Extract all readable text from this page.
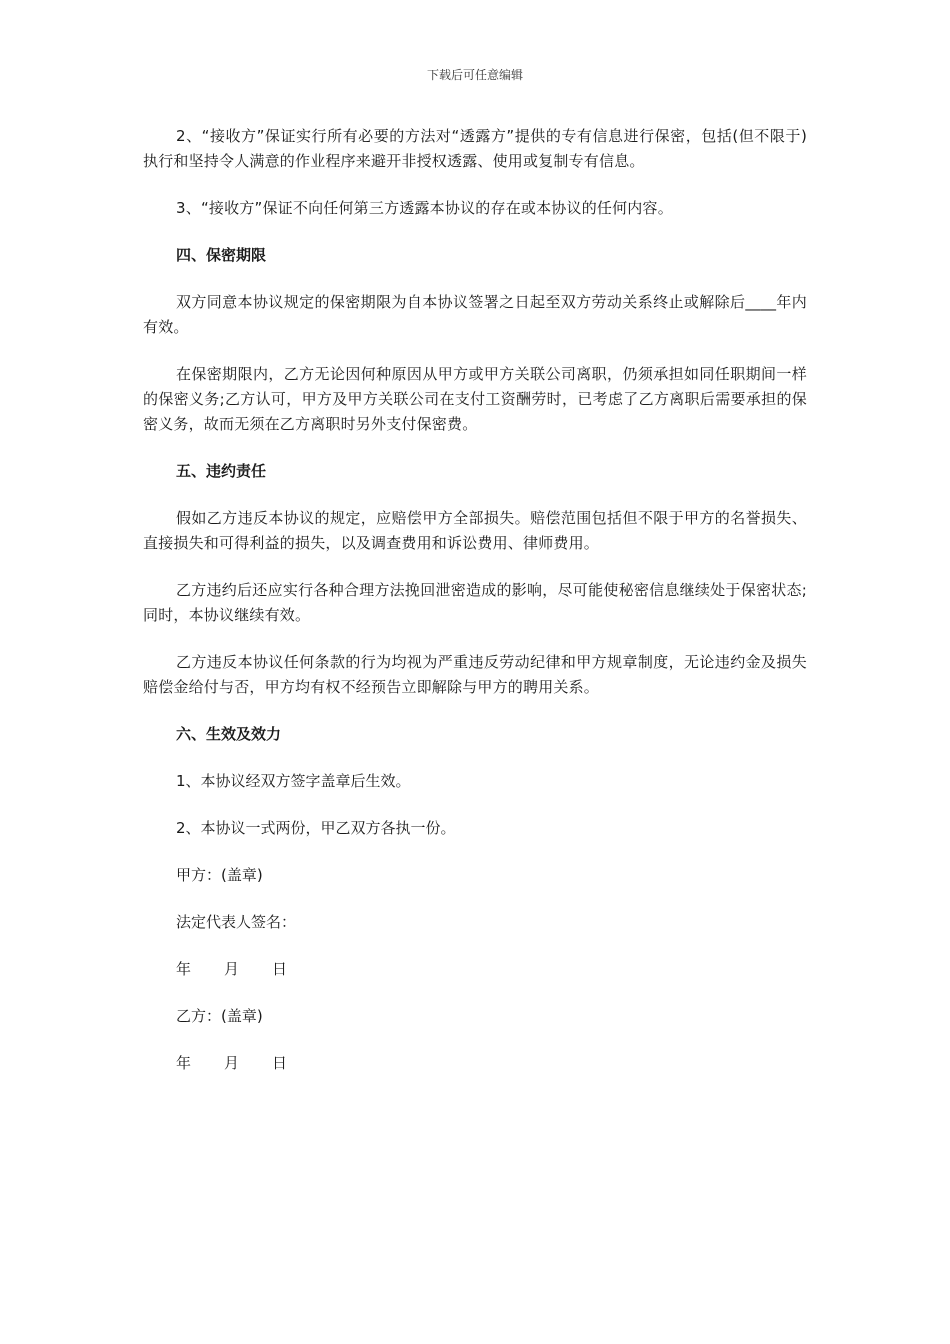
下载后可任意编辑

2、“接收方”保证实行所有必要的方法对“透露方”提供的专有信息进行保密，包括(但不限于)执行和坚持令人满意的作业程序来避开非授权透露、使用或复制专有信息。

3、“接收方”保证不向任何第三方透露本协议的存在或本协议的任何内容。

四、保密期限

双方同意本协议规定的保密期限为自本协议签署之日起至双方劳动关系终止或解除后____年内有效。

在保密期限内，乙方无论因何种原因从甲方或甲方关联公司离职，仍须承担如同任职期间一样的保密义务;乙方认可，甲方及甲方关联公司在支付工资酬劳时，已考虑了乙方离职后需要承担的保密义务，故而无须在乙方离职时另外支付保密费。

五、违约责任

假如乙方违反本协议的规定，应赔偿甲方全部损失。赔偿范围包括但不限于甲方的名誉损失、直接损失和可得利益的损失，以及调查费用和诉讼费用、律师费用。

乙方违约后还应实行各种合理方法挽回泄密造成的影响，尽可能使秘密信息继续处于保密状态;同时，本协议继续有效。

乙方违反本协议任何条款的行为均视为严重违反劳动纪律和甲方规章制度，无论违约金及损失赔偿金给付与否，甲方均有权不经预告立即解除与甲方的聘用关系。

六、生效及效力

1、本协议经双方签字盖章后生效。

2、本协议一式两份，甲乙双方各执一份。

甲方：(盖章)

法定代表人签名：

年	月	日

乙方：(盖章)

年	月	日
